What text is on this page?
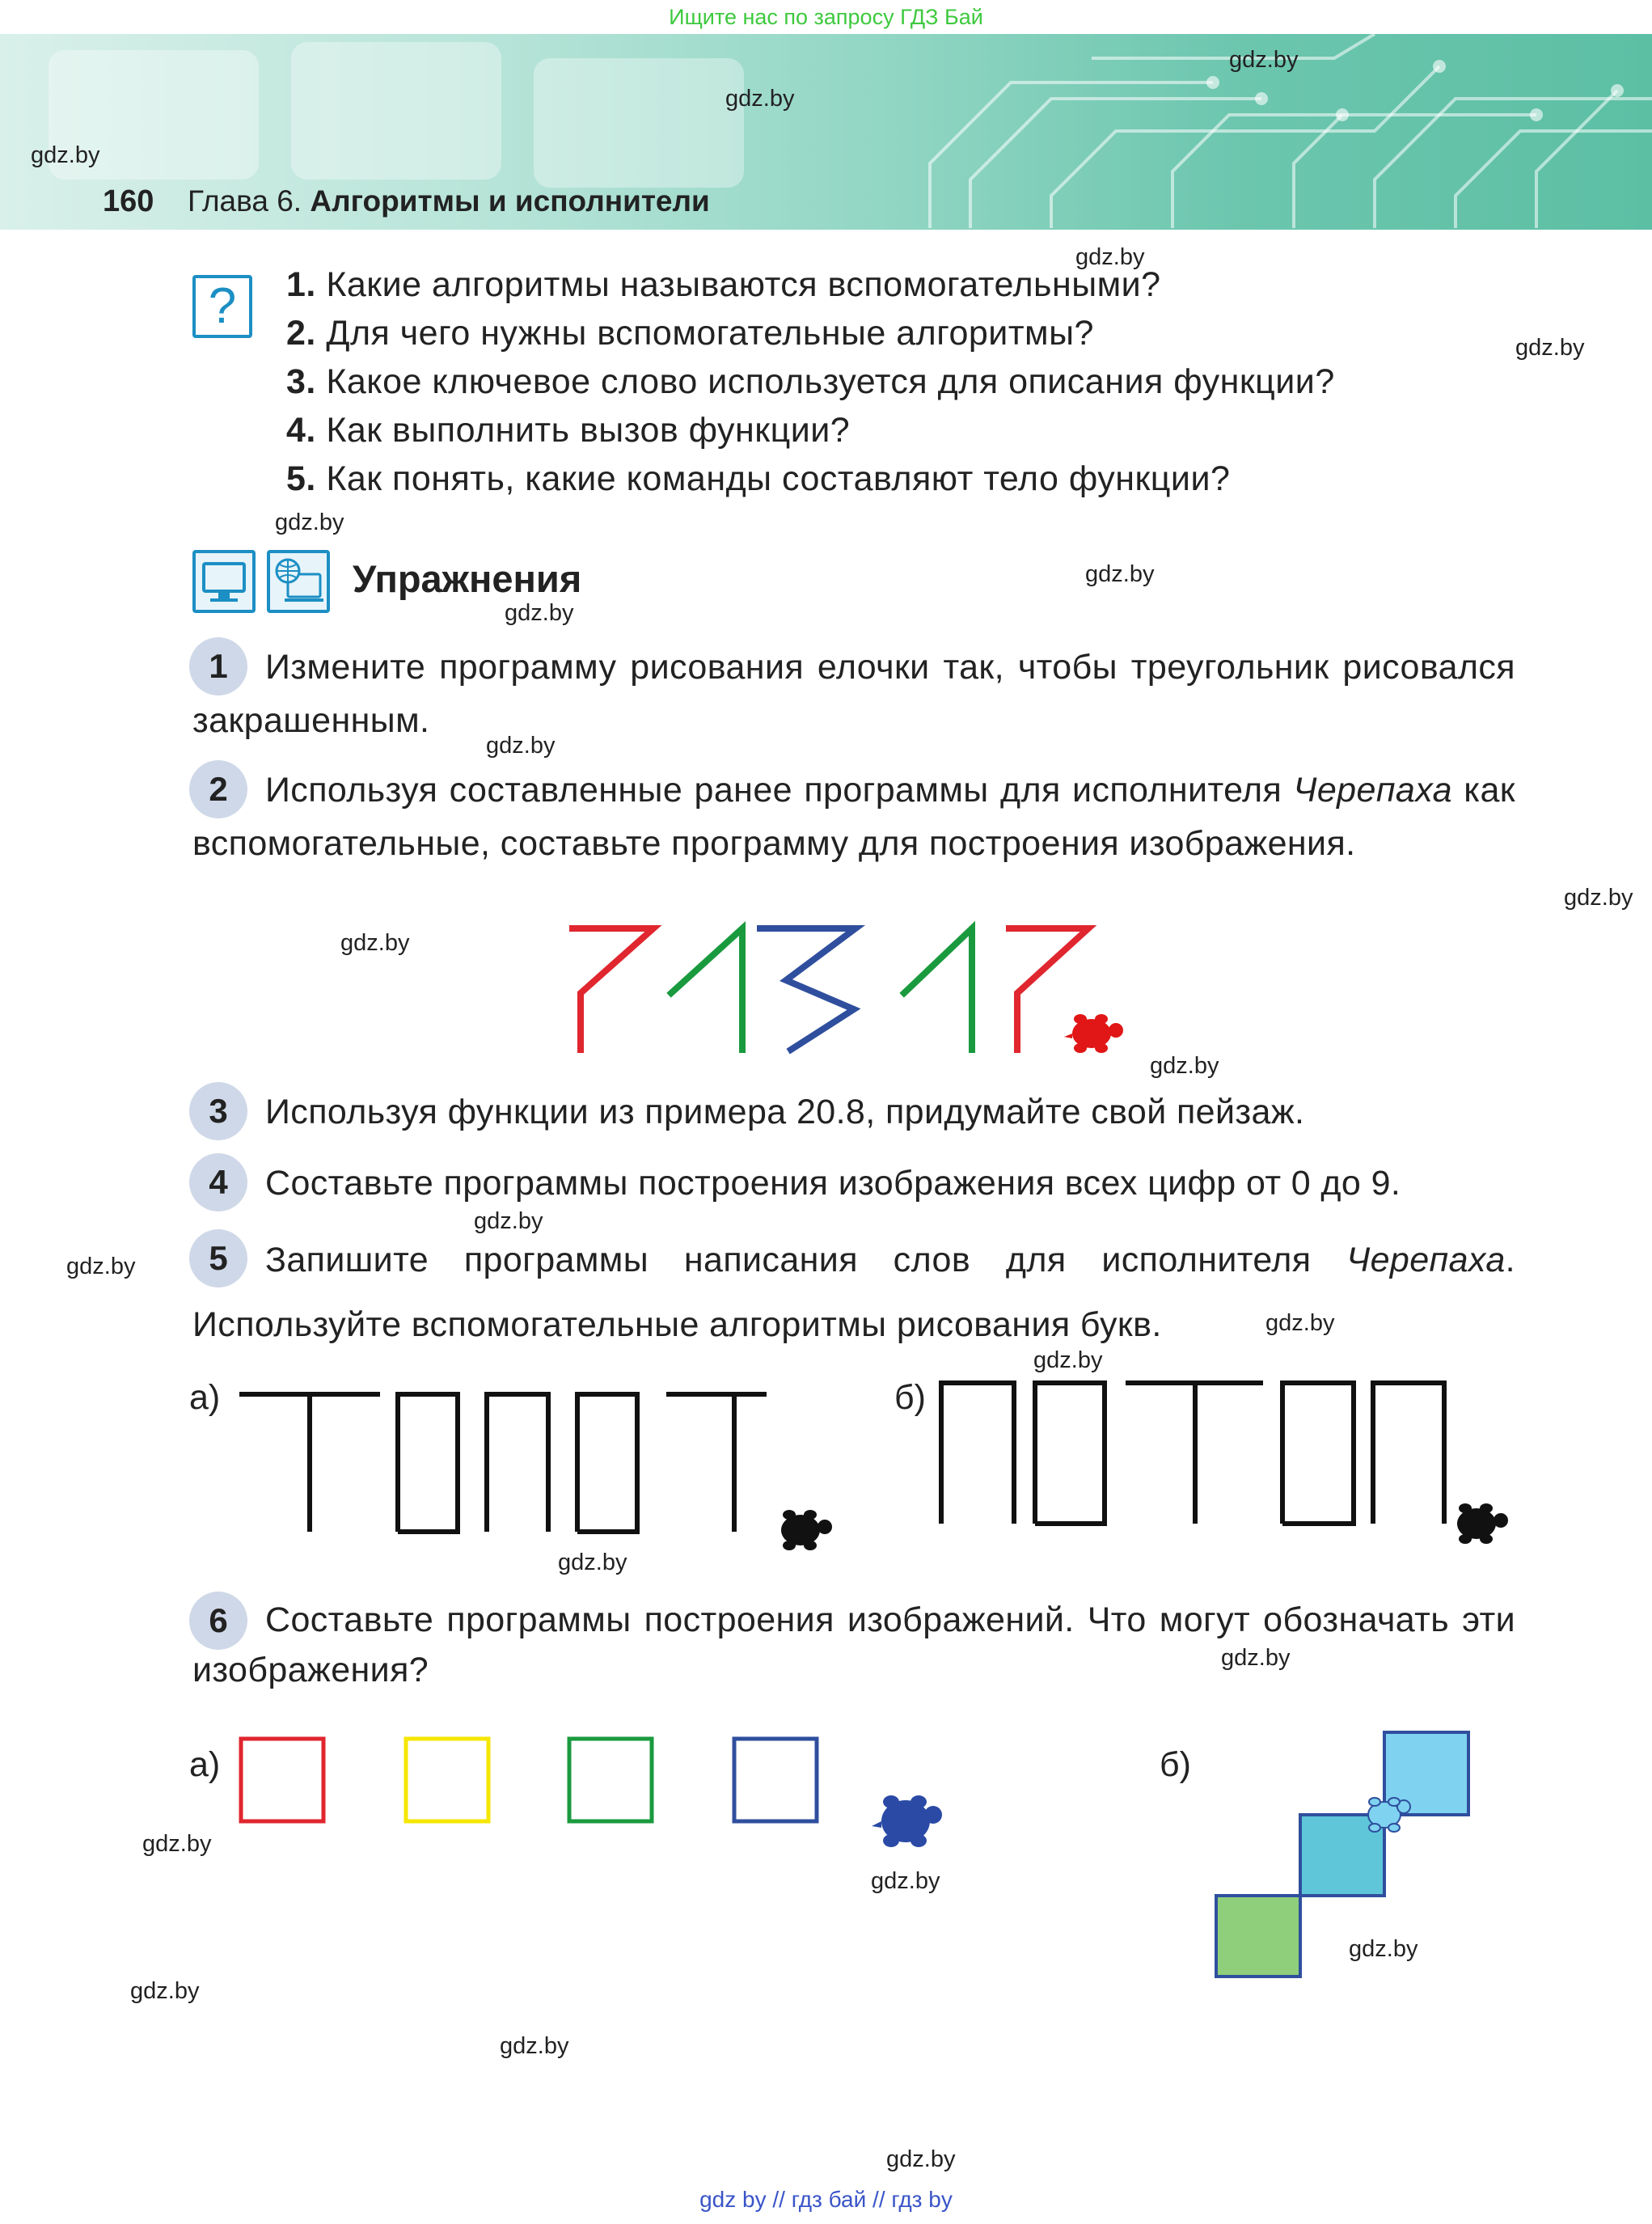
Ищите нас по запросу ГДЗ Бай
160 Глава 6. Алгоритмы и исполнители
gdz.by
gdz.by
gdz.by
gdz.by
gdz.by
gdz.by
gdz.by
gdz.by
gdz.by
gdz.by
gdz.by
gdz.by
gdz.by
gdz.by
gdz.by
gdz.by
gdz.by
gdz.by
gdz.by
gdz.by
gdz.by
gdz.by
gdz.by
gdz.by
?	1. Какие алгоритмы называются вспомогательными?
2. Для чего нужны вспомогательные алгоритмы?
3. Какое ключевое слово используется для описания функции?
4. Как выполнить вызов функции?
5. Как понять, какие команды составляют тело функции?
Упражнения
1	Измените программу рисования елочки так, чтобы треугольник рисовался закрашенным.
2	Используя составленные ранее программы для исполнителя Черепаха как вспомогательные, составьте программу для построения изображения.
3	Используя функции из примера 20.8, придумайте свой пейзаж.
4	Составьте программы построения изображения всех цифр от 0 до 9.
5	Запишите программы написания слов для исполнителя Черепаха. Используйте вспомогательные алгоритмы рисования букв.
а)	б)
6	Составьте программы построения изображений. Что могут обозначать эти изображения?
а)	б)
gdz by // гдз бай // гдз by
